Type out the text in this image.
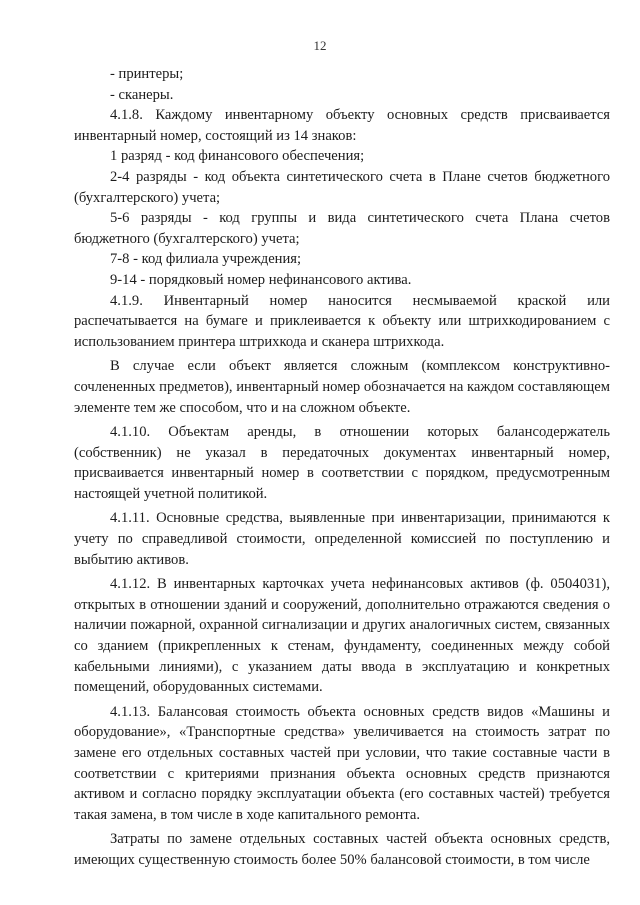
12

- принтеры;

- сканеры.

4.1.8. Каждому инвентарному объекту основных средств присваивается инвентарный номер, состоящий из 14 знаков:

1 разряд - код финансового обеспечения;

2-4 разряды - код объекта синтетического счета в Плане счетов бюджетного (бухгалтерского) учета;

5-6 разряды - код группы и вида синтетического счета Плана счетов бюджетного (бухгалтерского) учета;

7-8 - код филиала учреждения;

9-14 - порядковый номер нефинансового актива.

4.1.9. Инвентарный номер наносится несмываемой краской или распечатывается на бумаге и приклеивается к объекту или штрихкодированием с использованием принтера штрихкода и сканера штрихкода.

В случае если объект является сложным (комплексом конструктивно-сочлененных предметов), инвентарный номер обозначается на каждом составляющем элементе тем же способом, что и на сложном объекте.

4.1.10. Объектам аренды, в отношении которых балансодержатель (собственник) не указал в передаточных документах инвентарный номер, присваивается инвентарный номер в соответствии с порядком, предусмотренным настоящей учетной политикой.

4.1.11. Основные средства, выявленные при инвентаризации, принимаются к учету по справедливой стоимости, определенной комиссией по поступлению и выбытию активов.

4.1.12. В инвентарных карточках учета нефинансовых активов (ф. 0504031), открытых в отношении зданий и сооружений, дополнительно отражаются сведения о наличии пожарной, охранной сигнализации и других аналогичных систем, связанных со зданием (прикрепленных к стенам, фундаменту, соединенных между собой кабельными линиями), с указанием даты ввода в эксплуатацию и конкретных помещений, оборудованных системами.

4.1.13. Балансовая стоимость объекта основных средств видов «Машины и оборудование», «Транспортные средства» увеличивается на стоимость затрат по замене его отдельных составных частей при условии, что такие составные части в соответствии с критериями признания объекта основных средств признаются активом и согласно порядку эксплуатации объекта (его составных частей) требуется такая замена, в том числе в ходе капитального ремонта.

Затраты по замене отдельных составных частей объекта основных средств, имеющих существенную стоимость более 50% балансовой стоимости, в том числе
